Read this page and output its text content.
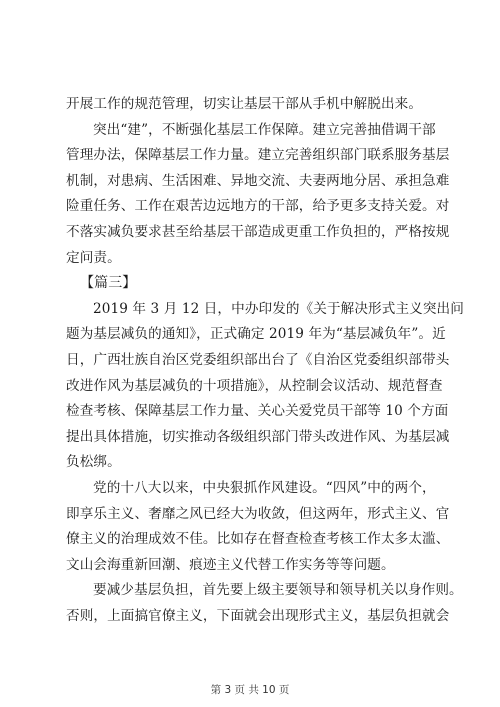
开展工作的规范管理，切实让基层干部从手机中解脱出来。
突出“建”，不断强化基层工作保障。建立完善抽借调干部
管理办法，保障基层工作力量。建立完善组织部门联系服务基层
机制，对患病、生活困难、异地交流、夫妻两地分居、承担急难
险重任务、工作在艰苦边远地方的干部，给予更多支持关爱。对
不落实减负要求甚至给基层干部造成更重工作负担的，严格按规
定问责。
【篇三】
2019 年 3 月 12 日，中办印发的《关于解决形式主义突出问
题为基层减负的通知》，正式确定 2019 年为“基层减负年”。近
日，广西壮族自治区党委组织部出台了《自治区党委组织部带头
改进作风为基层减负的十项措施》，从控制会议活动、规范督查
检查考核、保障基层工作力量、关心关爱党员干部等 10 个方面
提出具体措施，切实推动各级组织部门带头改进作风、为基层减
负松绑。
党的十八大以来，中央狠抓作风建设。“四风”中的两个，
即享乐主义、奢靡之风已经大为收敛，但这两年，形式主义、官
僚主义的治理成效不佳。比如存在督查检查考核工作太多太滥、
文山会海重新回潮、痕迹主义代替工作实务等等问题。
要减少基层负担，首先要上级主要领导和领导机关以身作则。
否则，上面搞官僚主义，下面就会出现形式主义，基层负担就会
第 3 页 共 10 页
